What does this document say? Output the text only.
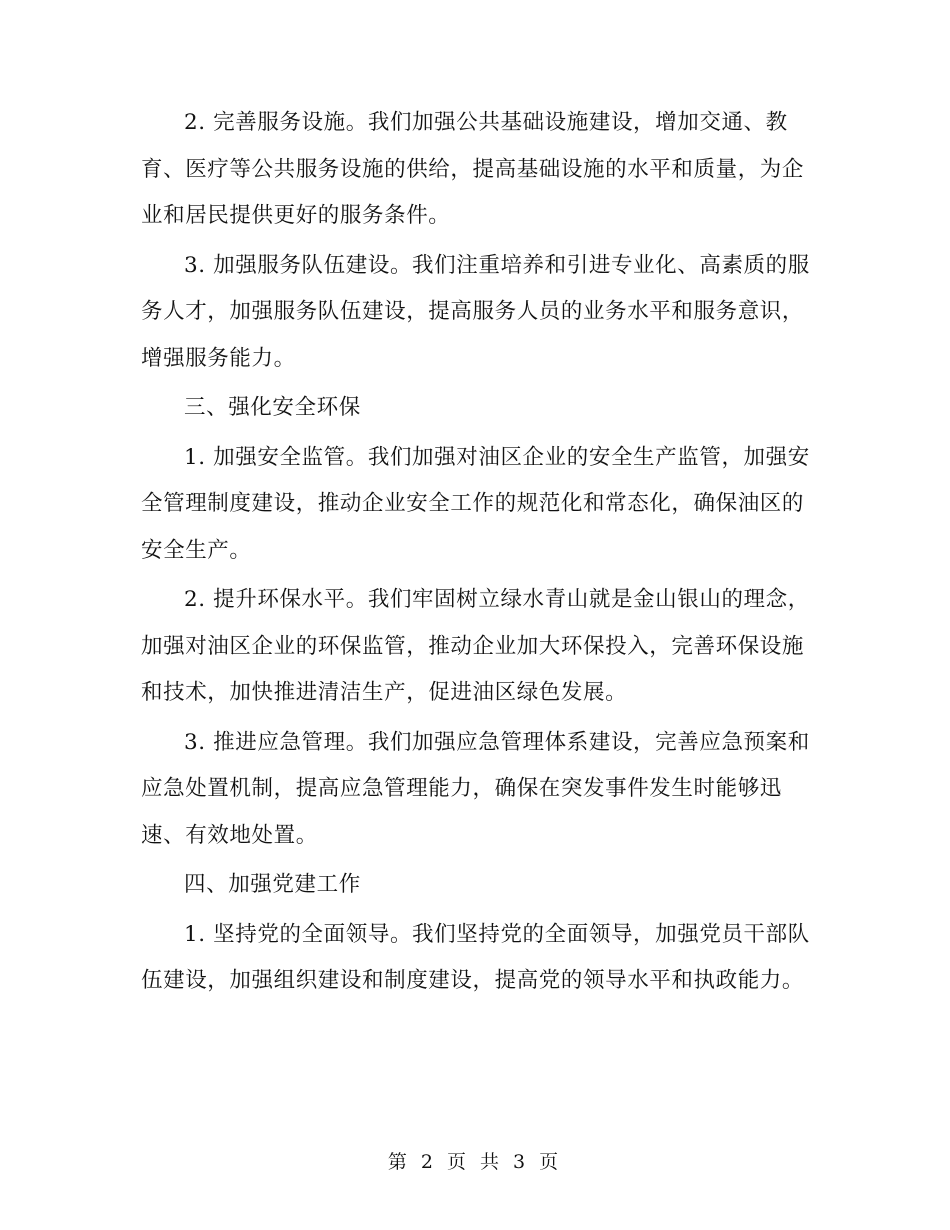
2. 完善服务设施。我们加强公共基础设施建设，增加交通、教育、医疗等公共服务设施的供给，提高基础设施的水平和质量，为企业和居民提供更好的服务条件。

3. 加强服务队伍建设。我们注重培养和引进专业化、高素质的服务人才，加强服务队伍建设，提高服务人员的业务水平和服务意识，增强服务能力。

三、强化安全环保

1. 加强安全监管。我们加强对油区企业的安全生产监管，加强安全管理制度建设，推动企业安全工作的规范化和常态化，确保油区的安全生产。

2. 提升环保水平。我们牢固树立绿水青山就是金山银山的理念，加强对油区企业的环保监管，推动企业加大环保投入，完善环保设施和技术，加快推进清洁生产，促进油区绿色发展。

3. 推进应急管理。我们加强应急管理体系建设，完善应急预案和应急处置机制，提高应急管理能力，确保在突发事件发生时能够迅速、有效地处置。

四、加强党建工作

1. 坚持党的全面领导。我们坚持党的全面领导，加强党员干部队伍建设，加强组织建设和制度建设，提高党的领导水平和执政能力。

第 2 页 共 3 页
